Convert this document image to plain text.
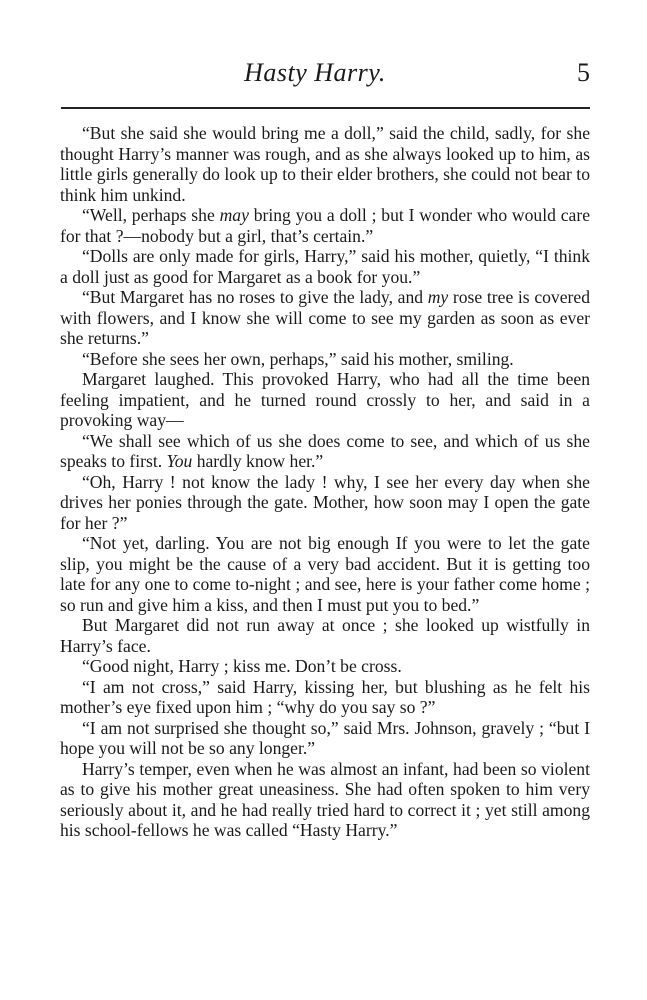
Hasty Harry.	5

“But she said she would bring me a doll,” said the child, sadly, for she thought Harry’s manner was rough, and as she always looked up to him, as little girls generally do look up to their elder brothers, she could not bear to think him unkind.

“Well, perhaps she may bring you a doll ; but I wonder who would care for that ?—nobody but a girl, that’s certain.”

“Dolls are only made for girls, Harry,” said his mother, quietly, “I think a doll just as good for Margaret as a book for you.”

“But Margaret has no roses to give the lady, and my rose tree is covered with flowers, and I know she will come to see my garden as soon as ever she returns.”

“Before she sees her own, perhaps,” said his mother, smiling.

Margaret laughed. This provoked Harry, who had all the time been feeling impatient, and he turned round crossly to her, and said in a provoking way—

“We shall see which of us she does come to see, and which of us she speaks to first. You hardly know her.”

“Oh, Harry ! not know the lady ! why, I see her every day when she drives her ponies through the gate. Mother, how soon may I open the gate for her ?”

“Not yet, darling. You are not big enough If you were to let the gate slip, you might be the cause of a very bad accident. But it is getting too late for any one to come to-night ; and see, here is your father come home ; so run and give him a kiss, and then I must put you to bed.”

But Margaret did not run away at once ; she looked up wistfully in Harry’s face.

“Good night, Harry ; kiss me. Don’t be cross.

“I am not cross,” said Harry, kissing her, but blushing as he felt his mother’s eye fixed upon him ; “why do you say so ?”

“I am not surprised she thought so,” said Mrs. Johnson, gravely ; “but I hope you will not be so any longer.”

Harry’s temper, even when he was almost an infant, had been so violent as to give his mother great uneasiness. She had often spoken to him very seriously about it, and he had really tried hard to correct it ; yet still among his school-fellows he was called “Hasty Harry.”
